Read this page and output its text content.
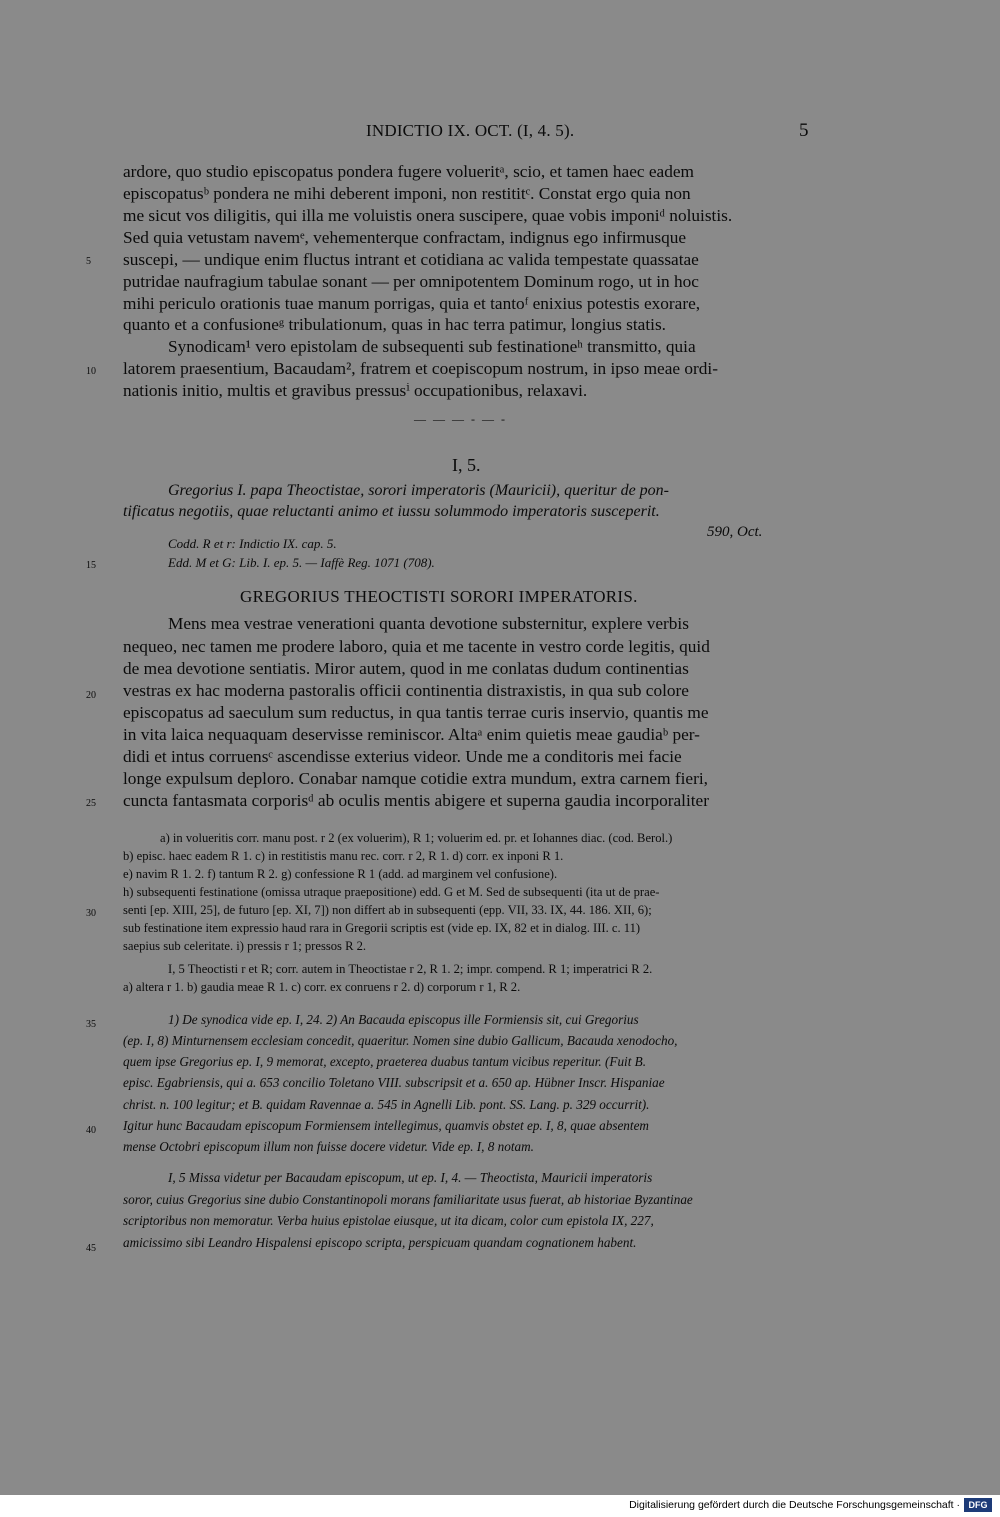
INDICTIO IX. OCT. (I, 4. 5).	5
ardore, quo studio episcopatus pondera fugere volueritᵃ, scio, et tamen haec eadem
episcopatusᵇ pondera ne mihi deberent imponi, non restititᶜ. Constat ergo quia non
me sicut vos diligitis, qui illa me voluistis onera suscipere, quae vobis imponiᵈ noluistis.
Sed quia vetustam navemᵉ, vehementerque confractam, indignus ego infirmusque
suscepi, — undique enim fluctus intrant et cotidiana ac valida tempestate quassatae
putridae naufragium tabulae sonant — per omnipotentem Dominum rogo, ut in hoc
mihi periculo orationis tuae manum porrigas, quia et tantoᶠ enixius potestis exorare,
quanto et a confusioneᵍ tribulationum, quas in hac terra patimur, longius statis.
Synodicam¹ vero epistolam de subsequenti sub festinationeʰ transmitto, quia
latorem praesentium, Bacaudam², fratrem et coepiscopum nostrum, in ipso meae ordi-
nationis initio, multis et gravibus pressusⁱ occupationibus, relaxavi.
5
10
15
20
25
30
35
40
45
— — — - — -
I, 5.
Gregorius I. papa Theoctistae, sorori imperatoris (Mauricii), queritur de pon-
tificatus negotiis, quae reluctanti animo et iussu solummodo imperatoris susceperit.
590, Oct.
Codd. R et r: Indictio IX. cap. 5.
Edd. M et G: Lib. I. ep. 5. — Iaffè Reg. 1071 (708).
GREGORIUS THEOCTISTI SORORI IMPERATORIS.
Mens mea vestrae venerationi quanta devotione substernitur, explere verbis
nequeo, nec tamen me prodere laboro, quia et me tacente in vestro corde legitis, quid
de mea devotione sentiatis. Miror autem, quod in me conlatas dudum continentias
vestras ex hac moderna pastoralis officii continentia distraxistis, in qua sub colore
episcopatus ad saeculum sum reductus, in qua tantis terrae curis inservio, quantis me
in vita laica nequaquam deservisse reminiscor. Altaᵃ enim quietis meae gaudiaᵇ per-
didi et intus corruensᶜ ascendisse exterius videor. Unde me a conditoris mei facie
longe expulsum deploro. Conabar namque cotidie extra mundum, extra carnem fieri,
cuncta fantasmata corporisᵈ ab oculis mentis abigere et superna gaudia incorporaliter
a) in volueritis corr. manu post. r 2 (ex voluerim), R 1; voluerim ed. pr. et Iohannes diac. (cod. Berol.)
b) episc. haec eadem R 1. c) in restitistis manu rec. corr. r 2, R 1. d) corr. ex inponi R 1.
e) navim R 1. 2. f) tantum R 2. g) confessione R 1 (add. ad marginem vel confusione).
h) subsequenti festinatione (omissa utraque praepositione) edd. G et M. Sed de subsequenti (ita ut de prae-
senti [ep. XIII, 25], de futuro [ep. XI, 7]) non differt ab in subsequenti (epp. VII, 33. IX, 44. 186. XII, 6);
sub festinatione item expressio haud rara in Gregorii scriptis est (vide ep. IX, 82 et in dialog. III. c. 11)
saepius sub celeritate. i) pressis r 1; pressos R 2.
I, 5 Theoctisti r et R; corr. autem in Theoctistae r 2, R 1. 2; impr. compend. R 1; imperatrici R 2.
a) altera r 1. b) gaudia meae R 1. c) corr. ex conruens r 2. d) corporum r 1, R 2.
1) De synodica vide ep. I, 24. 2) An Bacauda episcopus ille Formiensis sit, cui Gregorius
(ep. I, 8) Minturnensem ecclesiam concedit, quaeritur. Nomen sine dubio Gallicum, Bacauda xenodocho,
quem ipse Gregorius ep. I, 9 memorat, excepto, praeterea duabus tantum vicibus reperitur. (Fuit B.
episc. Egabriensis, qui a. 653 concilio Toletano VIII. subscripsit et a. 650 ap. Hübner Inscr. Hispaniae
christ. n. 100 legitur; et B. quidam Ravennae a. 545 in Agnelli Lib. pont. SS. Lang. p. 329 occurrit).
Igitur hunc Bacaudam episcopum Formiensem intellegimus, quamvis obstet ep. I, 8, quae absentem
mense Octobri episcopum illum non fuisse docere videtur. Vide ep. I, 8 notam.
I, 5 Missa videtur per Bacaudam episcopum, ut ep. I, 4. — Theoctista, Mauricii imperatoris
soror, cuius Gregorius sine dubio Constantinopoli morans familiaritate usus fuerat, ab historiae Byzantinae
scriptoribus non memoratur. Verba huius epistolae eiusque, ut ita dicam, color cum epistola IX, 227,
amicissimo sibi Leandro Hispalensi episcopo scripta, perspicuam quandam cognationem habent.
Digitalisierung gefördert durch die Deutsche Forschungsgemeinschaft · DFG
